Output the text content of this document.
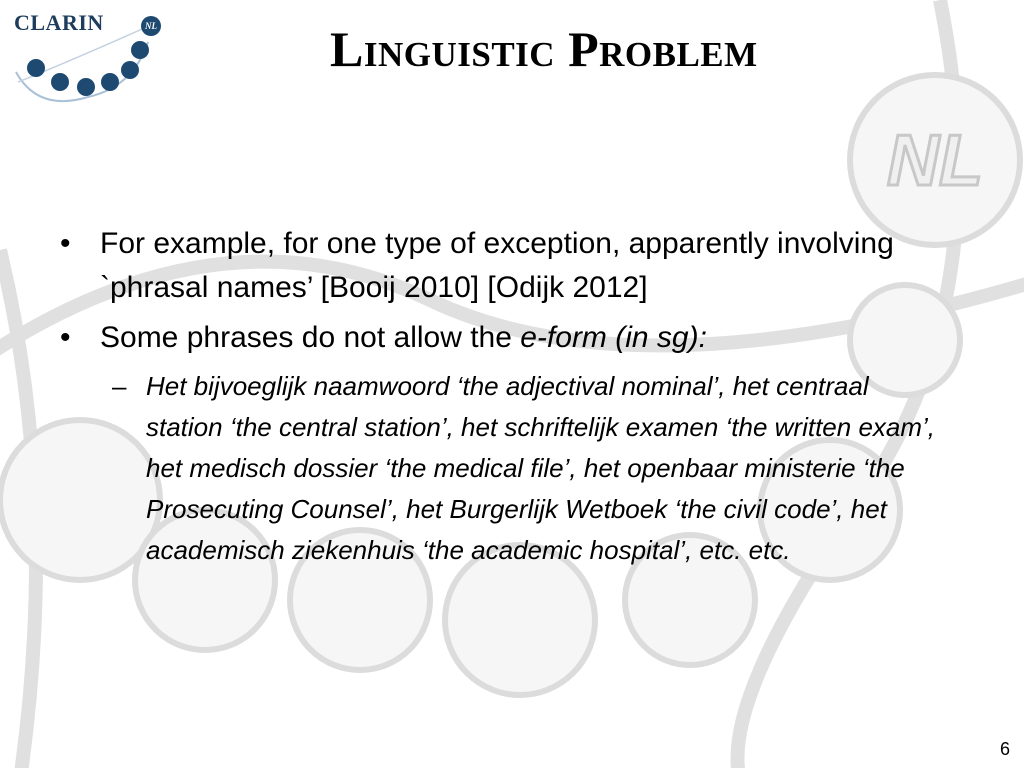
NL
CLARIN	NL	Linguistic Problem
• For example, for one type of exception, apparently involving `phrasal names’ [Booij 2010] [Odijk 2012]
• Some phrases do not allow the e-form (in sg):
– Het bijvoeglijk naamwoord ‘the adjectival nominal’, het centraal station ‘the central station’, het schriftelijk examen ‘the written exam’, het medisch dossier ‘the medical file’, het openbaar ministerie ‘the Prosecuting Counsel’, het Burgerlijk Wetboek ‘the civil code’, het academisch ziekenhuis ‘the academic hospital’, etc. etc.
6
